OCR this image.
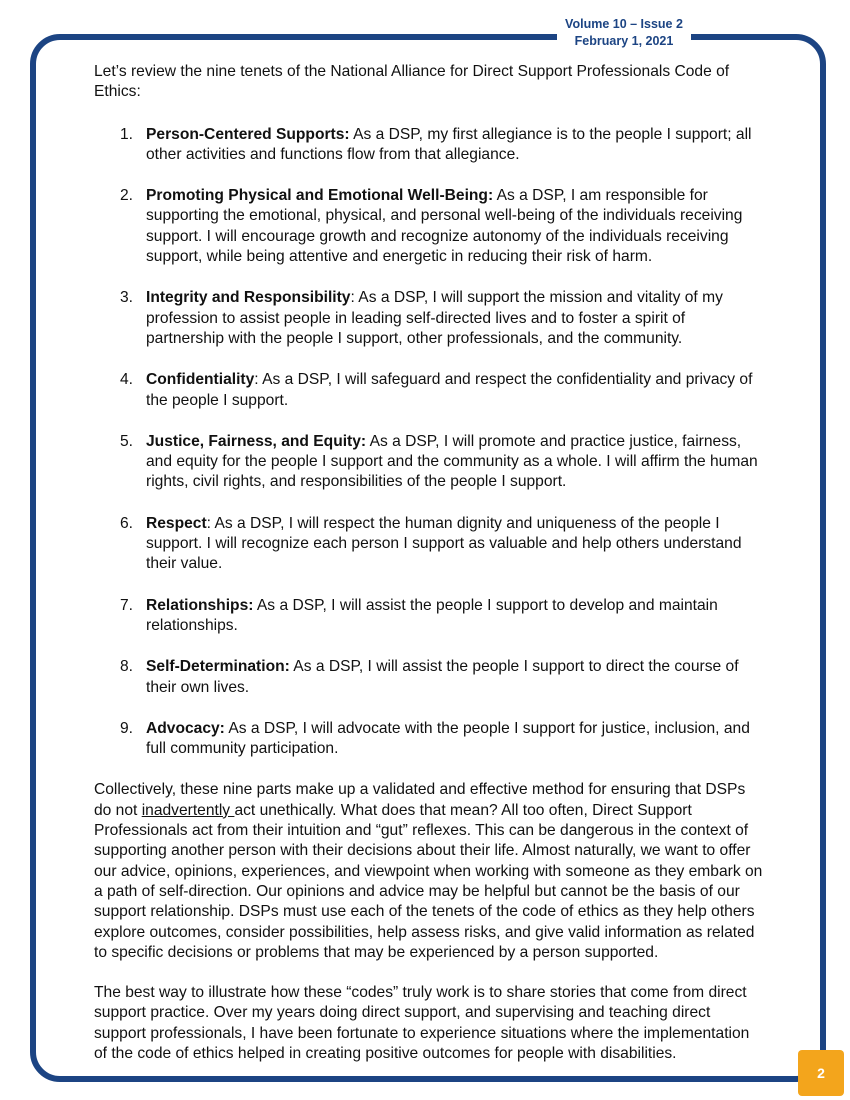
Volume 10 – Issue 2
February 1, 2021

Let’s review the nine tenets of the National Alliance for Direct Support Professionals Code of Ethics:

1. Person-Centered Supports: As a DSP, my first allegiance is to the people I support; all other activities and functions flow from that allegiance.
2. Promoting Physical and Emotional Well-Being: As a DSP, I am responsible for supporting the emotional, physical, and personal well-being of the individuals receiving support. I will encourage growth and recognize autonomy of the individuals receiving support, while being attentive and energetic in reducing their risk of harm.
3. Integrity and Responsibility: As a DSP, I will support the mission and vitality of my profession to assist people in leading self-directed lives and to foster a spirit of partnership with the people I support, other professionals, and the community.
4. Confidentiality: As a DSP, I will safeguard and respect the confidentiality and privacy of the people I support.
5. Justice, Fairness, and Equity: As a DSP, I will promote and practice justice, fairness, and equity for the people I support and the community as a whole. I will affirm the human rights, civil rights, and responsibilities of the people I support.
6. Respect: As a DSP, I will respect the human dignity and uniqueness of the people I support. I will recognize each person I support as valuable and help others understand their value.
7. Relationships: As a DSP, I will assist the people I support to develop and maintain relationships.
8. Self-Determination: As a DSP, I will assist the people I support to direct the course of their own lives.
9. Advocacy: As a DSP, I will advocate with the people I support for justice, inclusion, and full community participation.

Collectively, these nine parts make up a validated and effective method for ensuring that DSPs do not inadvertently act unethically. What does that mean? All too often, Direct Support Professionals act from their intuition and “gut” reflexes. This can be dangerous in the context of supporting another person with their decisions about their life. Almost naturally, we want to offer our advice, opinions, experiences, and viewpoint when working with someone as they embark on a path of self-direction. Our opinions and advice may be helpful but cannot be the basis of our support relationship. DSPs must use each of the tenets of the code of ethics as they help others explore outcomes, consider possibilities, help assess risks, and give valid information as related to specific decisions or problems that may be experienced by a person supported.

The best way to illustrate how these “codes” truly work is to share stories that come from direct support practice. Over my years doing direct support, and supervising and teaching direct support professionals, I have been fortunate to experience situations where the implementation of the code of ethics helped in creating positive outcomes for people with disabilities.

2
